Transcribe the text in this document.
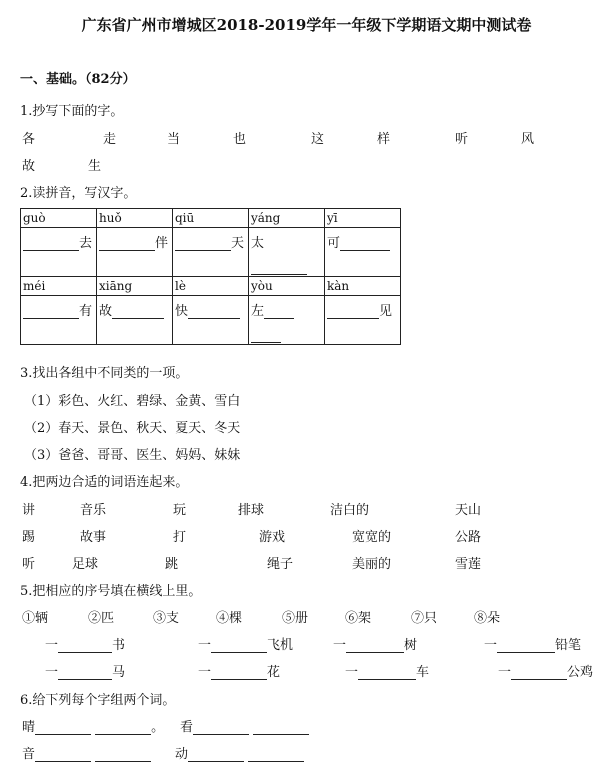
广东省广州市增城区2018-2019学年一年级下学期语文期中测试卷
一、基础。（82分）
1.抄写下面的字。
各	走	当	也	这	样	听	风
故	生
2.读拼音，写汉字。
guò	huǒ	qiū	yáng	yī

去	伴	天	太	可

méi	xiāng	lè	yòu	kàn

有	故	快	左	见
3.找出各组中不同类的一项。
（1）彩色、火红、碧绿、金黄、雪白
（2）春天、景色、秋天、夏天、冬天
（3）爸爸、哥哥、医生、妈妈、妹妹
4.把两边合适的词语连起来。
讲	音乐	玩	排球	洁白的	天山
踢	故事	打	游戏	宽宽的	公路
听	足球	跳	绳子	美丽的	雪莲
5.把相应的序号填在横线上里。
①辆	②匹	③支	④棵	⑤册	⑥架	⑦只	⑧朵
一	书	一	飞机	一	树	一	铅笔
一	马	一	花	一	车	一	公鸡
6.给下列每个字组两个词。
晴	。 看
音	动
